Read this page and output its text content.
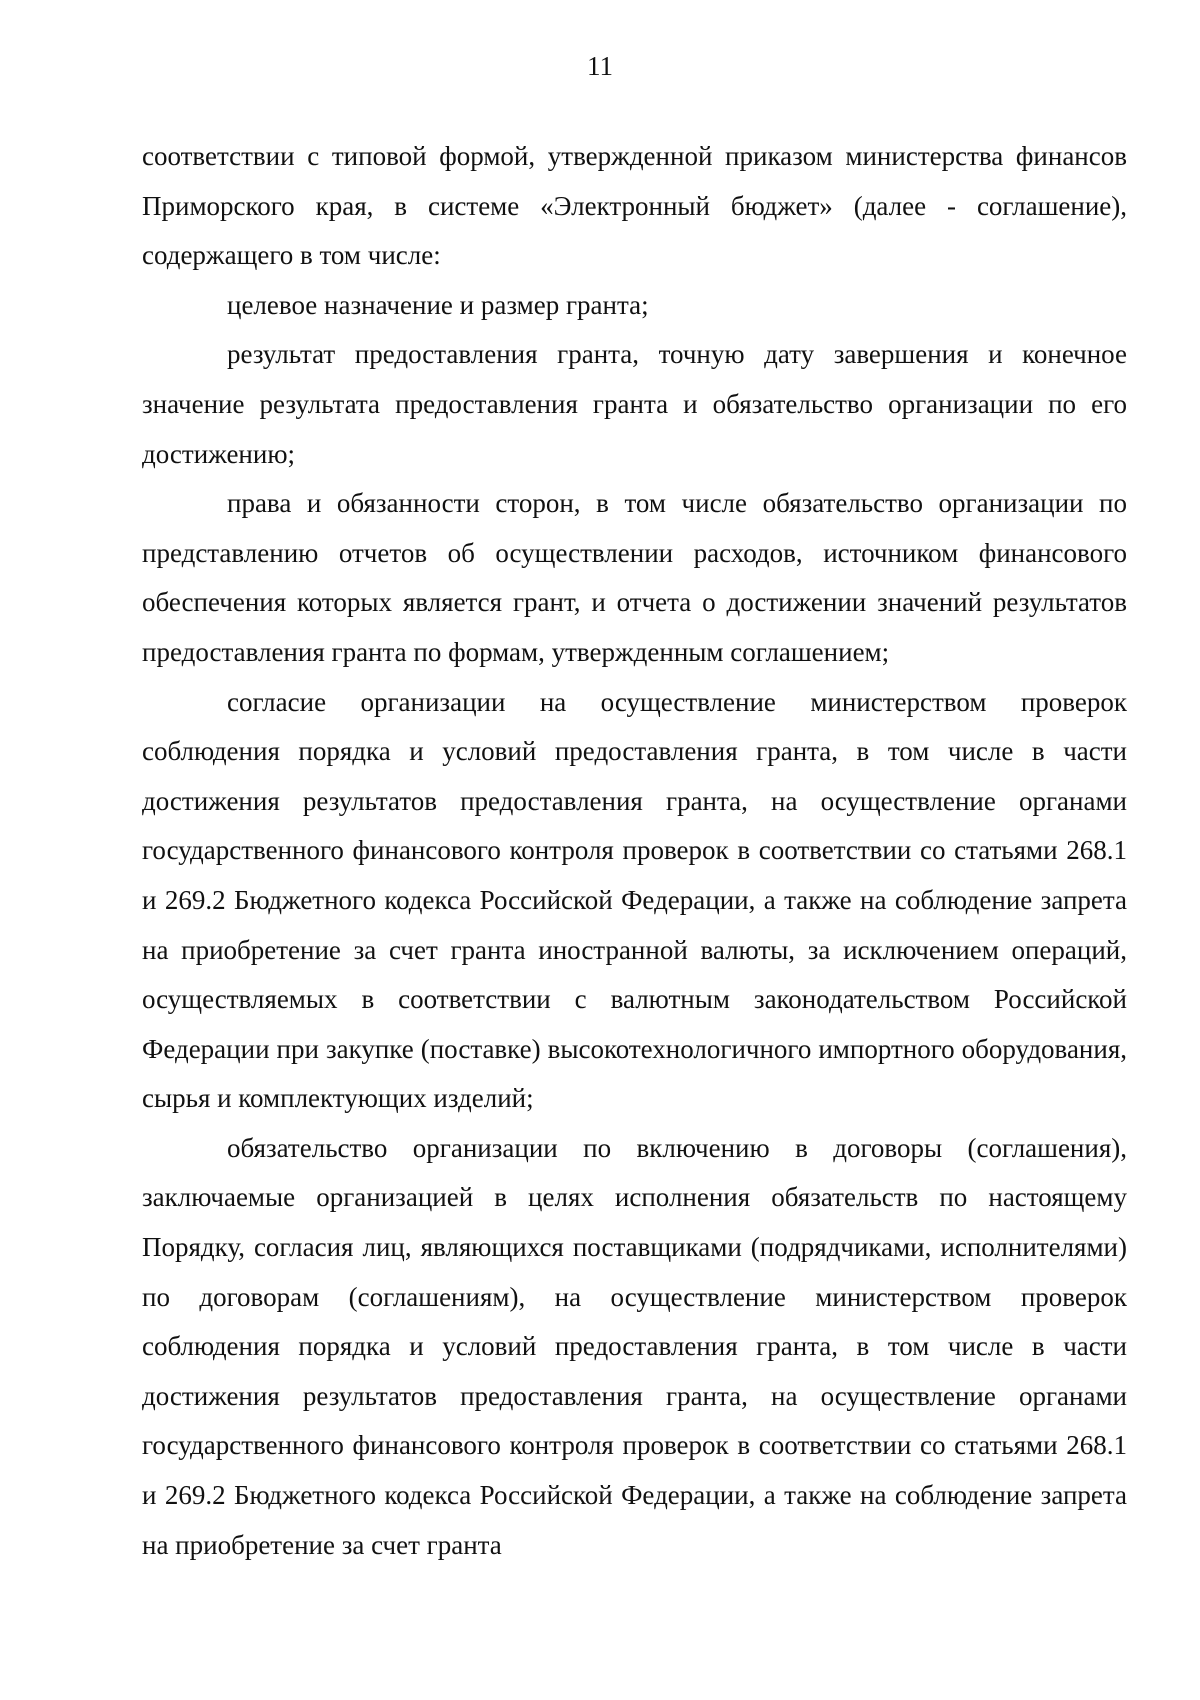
11

соответствии с типовой формой, утвержденной приказом министерства финансов Приморского края, в системе «Электронный бюджет» (далее - соглашение), содержащего в том числе:

целевое назначение и размер гранта;

результат предоставления гранта, точную дату завершения и конечное значение результата предоставления гранта и обязательство организации по его достижению;

права и обязанности сторон, в том числе обязательство организации по представлению отчетов об осуществлении расходов, источником финансового обеспечения которых является грант, и отчета о достижении значений результатов предоставления гранта по формам, утвержденным соглашением;

согласие организации на осуществление министерством проверок соблюдения порядка и условий предоставления гранта, в том числе в части достижения результатов предоставления гранта, на осуществление органами государственного финансового контроля проверок в соответствии со статьями 268.1 и 269.2 Бюджетного кодекса Российской Федерации, а также на соблюдение запрета на приобретение за счет гранта иностранной валюты, за исключением операций, осуществляемых в соответствии с валютным законодательством Российской Федерации при закупке (поставке) высокотехнологичного импортного оборудования, сырья и комплектующих изделий;

обязательство организации по включению в договоры (соглашения), заключаемые организацией в целях исполнения обязательств по настоящему Порядку, согласия лиц, являющихся поставщиками (подрядчиками, исполнителями) по договорам (соглашениям), на осуществление министерством проверок соблюдения порядка и условий предоставления гранта, в том числе в части достижения результатов предоставления гранта, на осуществление органами государственного финансового контроля проверок в соответствии со статьями 268.1 и 269.2 Бюджетного кодекса Российской Федерации, а также на соблюдение запрета на приобретение за счет гранта
